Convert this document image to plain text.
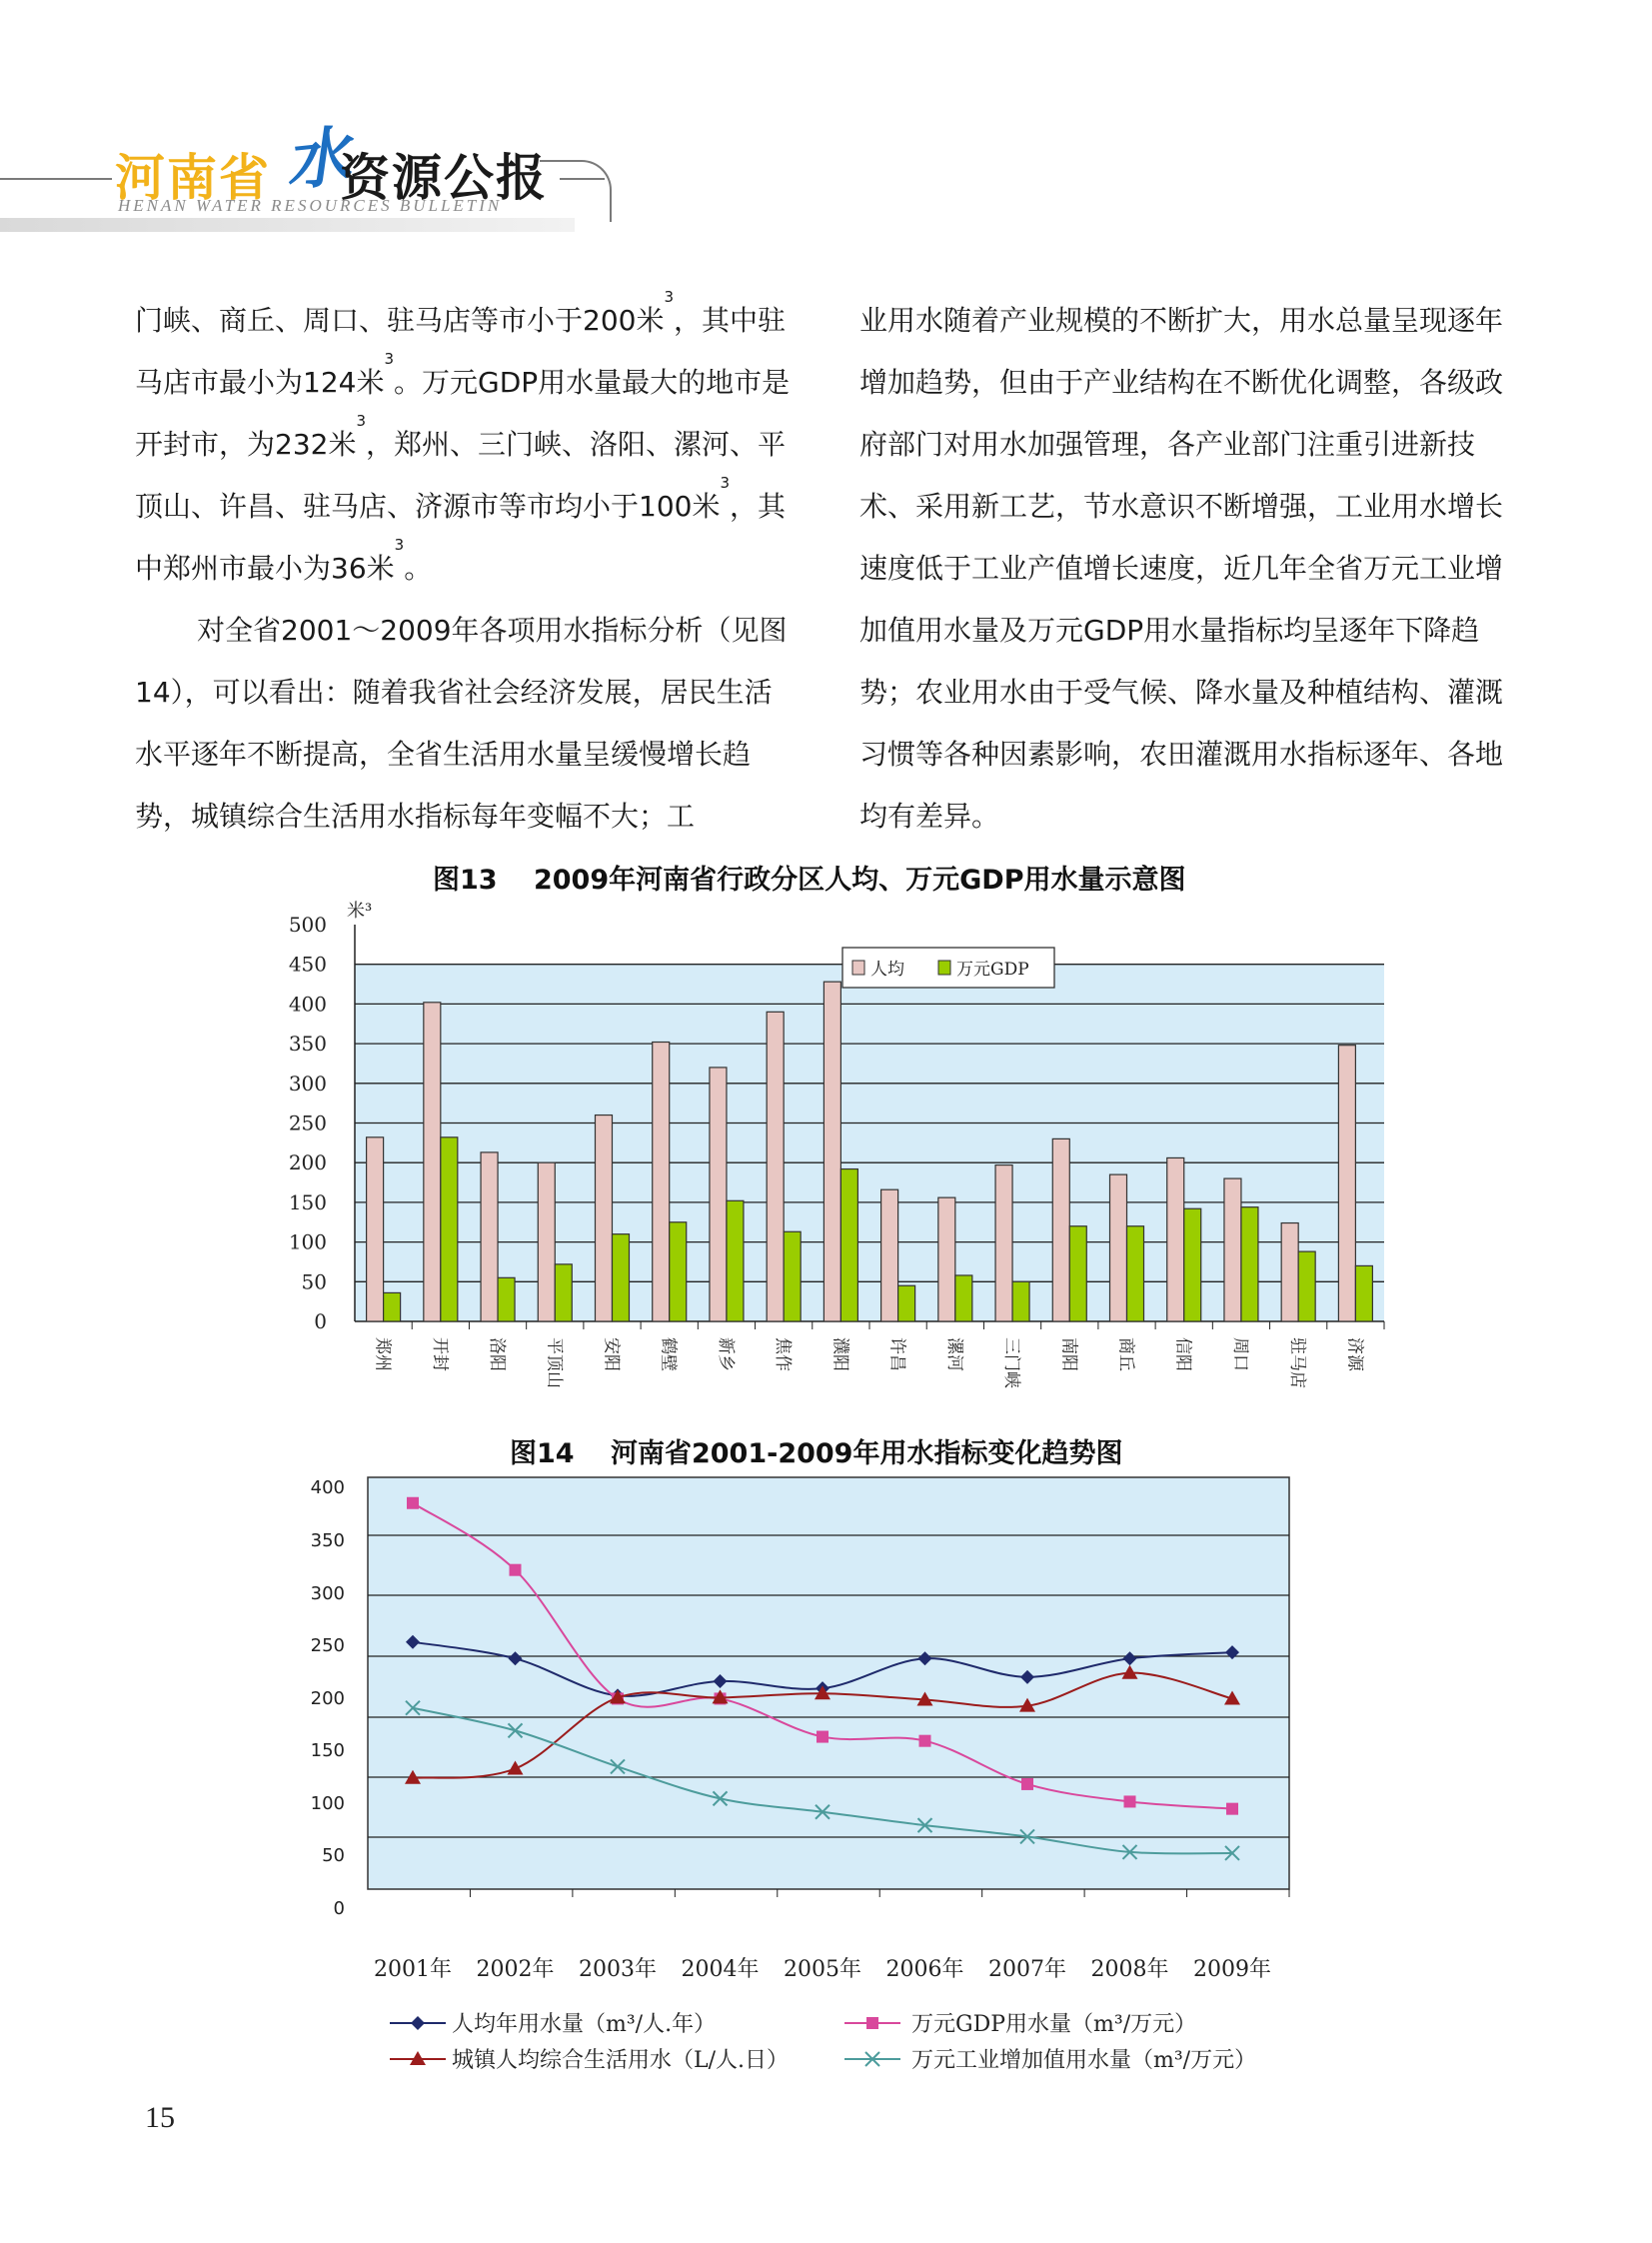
河南省 水
资源公报
HENAN WATER RESOURCES BULLETIN

门峡、商丘、周口、驻马店等市小于200米$^3$，其中驻马店市最小为124米$^3$。万元GDP用水量最大的地市是开封市，为232米$^3$，郑州、三门峡、洛阳、漯河、平顶山、许昌、驻马店、济源市等市均小于100米$^3$，其中郑州市最小为36米$^3$。

对全省2001～2009年各项用水指标分析（见图14），可以看出：随着我省社会经济发展，居民生活水平逐年不断提高，全省生活用水量呈缓慢增长趋势，城镇综合生活用水指标每年变幅不大；工

业用水随着产业规模的不断扩大，用水总量呈现逐年增加趋势，但由于产业结构在不断优化调整，各级政府部门对用水加强管理，各产业部门注重引进新技术、采用新工艺，节水意识不断增强，工业用水增长速度低于工业产值增长速度，近几年全省万元工业增加值用水量及万元GDP用水量指标均呈逐年下降趋势；农业用水由于受气候、降水量及种植结构、灌溉习惯等各种因素影响，农田灌溉用水指标逐年、各地均有差异。

图13　 2009年河南省行政分区人均、万元GDP用水量示意图
图14　 河南省2001-2009年用水指标变化趋势图
0
50
100
150
200
250
300
350
400
450
500
米³
郑州 开封 洛阳 平顶山 安阳 鹤壁 新乡 焦作 濮阳 许昌 漯河 三门峡 南阳 商丘 信阳 周口 驻马店 济源
人均	万元GDP
0
50
100
150
200
250
300
350
400
2001年 2002年 2003年 2004年 2005年 2006年 2007年 2008年 2009年
人均年用水量（m³/人.年）	万元GDP用水量（m³/万元）
城镇人均综合生活用水（L/人.日）	万元工业增加值用水量（m³/万元）
15
